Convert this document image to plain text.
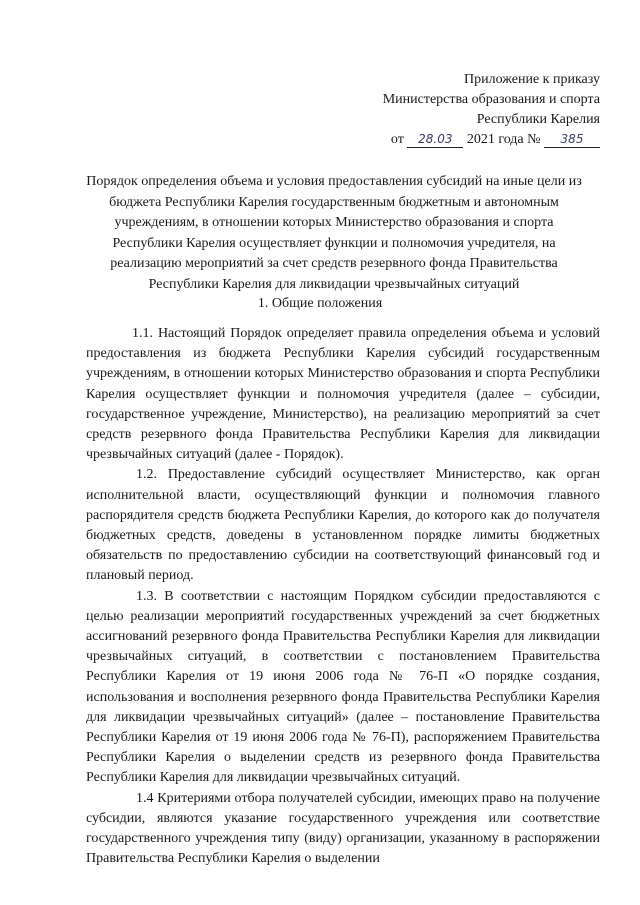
Приложение к приказу
Министерства образования и спорта
Республики Карелия
от 28.03 2021 года № 385
Порядок определения объема и условия предоставления субсидий на иные цели из бюджета Республики Карелия государственным бюджетным и автономным учреждениям, в отношении которых Министерство образования и спорта Республики Карелия осуществляет функции и полномочия учредителя, на реализацию мероприятий за счет средств резервного фонда Правительства Республики Карелия для ликвидации чрезвычайных ситуаций
1. Общие положения

1.1. Настоящий Порядок определяет правила определения объема и условий предоставления из бюджета Республики Карелия субсидий государственным учреждениям, в отношении которых Министерство образования и спорта Республики Карелия осуществляет функции и полномочия учредителя (далее – субсидии, государственное учреждение, Министерство), на реализацию мероприятий за счет средств резервного фонда Правительства Республики Карелия для ликвидации чрезвычайных ситуаций (далее - Порядок).

1.2. Предоставление субсидий осуществляет Министерство, как орган исполнительной власти, осуществляющий функции и полномочия главного распорядителя средств бюджета Республики Карелия, до которого как до получателя бюджетных средств, доведены в установленном порядке лимиты бюджетных обязательств по предоставлению субсидии на соответствующий финансовый год и плановый период.

1.3. В соответствии с настоящим Порядком субсидии предоставляются с целью реализации мероприятий государственных учреждений за счет бюджетных ассигнований резервного фонда Правительства Республики Карелия для ликвидации чрезвычайных ситуаций, в соответствии с постановлением Правительства Республики Карелия от 19 июня 2006 года № 76-П «О порядке создания, использования и восполнения резервного фонда Правительства Республики Карелия для ликвидации чрезвычайных ситуаций» (далее – постановление Правительства Республики Карелия от 19 июня 2006 года № 76-П), распоряжением Правительства Республики Карелия о выделении средств из резервного фонда Правительства Республики Карелия для ликвидации чрезвычайных ситуаций.

1.4 Критериями отбора получателей субсидии, имеющих право на получение субсидии, являются указание государственного учреждения или соответствие государственного учреждения типу (виду) организации, указанному в распоряжении Правительства Республики Карелия о выделении
